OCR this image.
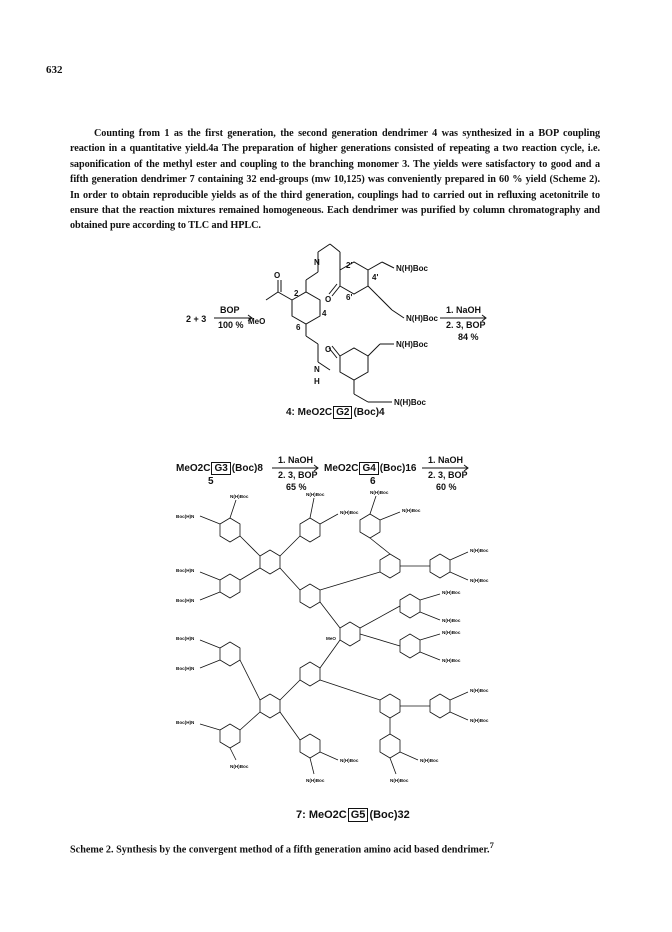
632

Counting from 1 as the first generation, the second generation dendrimer 4 was synthesized in a BOP coupling reaction in a quantitative yield.4a The preparation of higher generations consisted of repeating a two reaction cycle, i.e. saponification of the methyl ester and coupling to the branching monomer 3. The yields were satisfactory to good and a fifth generation dendrimer 7 containing 32 end-groups (mw 10,125) was conveniently prepared in 60 % yield (Scheme 2). In order to obtain reproducible yields as of the third generation, couplings had to carried out in refluxing acetonitrile to ensure that the reaction mixtures remained homogeneous. Each dendrimer was purified by column chromatography and obtained pure according to TLC and HPLC.

N(H)Boc
N(H)Boc
N(H)Boc
N(H)Boc
MeO
O
O
O
N
N
H
2'
4'
6'
2
4
6
2 + 3
BOP
100 %
1. NaOH
2. 3, BOP
84 %
1. NaOH
2. 3, BOP
65 %
1. NaOH
2. 3, BOP
60 %
Boc(H)N
N(H)Boc	N(H)Boc
N(H)Boc
N(H)Boc
N(H)Boc
N(H)Boc
N(H)Boc
Boc(H)N
Boc(H)N
Boc(H)N
Boc(H)N
Boc(H)N
N(H)Boc
N(H)Boc
N(H)Boc
N(H)Boc
N(H)Boc
N(H)Boc
N(H)Boc
N(H)Boc
N(H)Boc
N(H)Boc
N(H)Boc
MeO
4: MeO2C G2 (Boc)4
MeO2C G3 (Boc)8
5
MeO2C G4 (Boc)16
6
7: MeO2C G5 (Boc)32
Scheme 2. Synthesis by the convergent method of a fifth generation amino acid based dendrimer.$^7$
